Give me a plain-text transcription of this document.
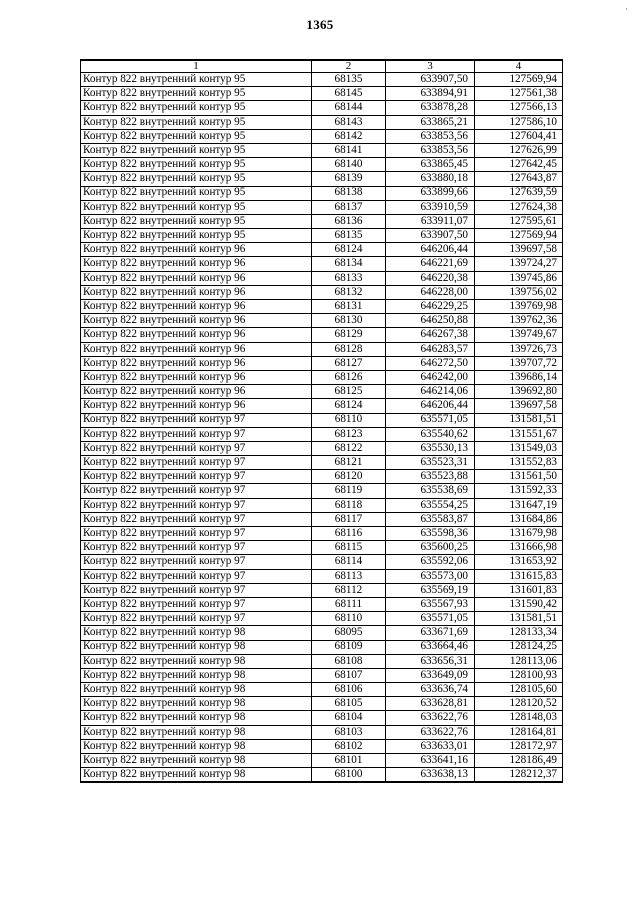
1365
·
1	2	3	4
Контур 822 внутренний контур 95	68135	633907,50	127569,94
Контур 822 внутренний контур 95	68145	633894,91	127561,38
Контур 822 внутренний контур 95	68144	633878,28	127566,13
Контур 822 внутренний контур 95	68143	633865,21	127586,10
Контур 822 внутренний контур 95	68142	633853,56	127604,41
Контур 822 внутренний контур 95	68141	633853,56	127626,99
Контур 822 внутренний контур 95	68140	633865,45	127642,45
Контур 822 внутренний контур 95	68139	633880,18	127643,87
Контур 822 внутренний контур 95	68138	633899,66	127639,59
Контур 822 внутренний контур 95	68137	633910,59	127624,38
Контур 822 внутренний контур 95	68136	633911,07	127595,61
Контур 822 внутренний контур 95	68135	633907,50	127569,94
Контур 822 внутренний контур 96	68124	646206,44	139697,58
Контур 822 внутренний контур 96	68134	646221,69	139724,27
Контур 822 внутренний контур 96	68133	646220,38	139745,86
Контур 822 внутренний контур 96	68132	646228,00	139756,02
Контур 822 внутренний контур 96	68131	646229,25	139769,98
Контур 822 внутренний контур 96	68130	646250,88	139762,36
Контур 822 внутренний контур 96	68129	646267,38	139749,67
Контур 822 внутренний контур 96	68128	646283,57	139726,73
Контур 822 внутренний контур 96	68127	646272,50	139707,72
Контур 822 внутренний контур 96	68126	646242,00	139686,14
Контур 822 внутренний контур 96	68125	646214,06	139692,80
Контур 822 внутренний контур 96	68124	646206,44	139697,58
Контур 822 внутренний контур 97	68110	635571,05	131581,51
Контур 822 внутренний контур 97	68123	635540,62	131551,67
Контур 822 внутренний контур 97	68122	635530,13	131549,03
Контур 822 внутренний контур 97	68121	635523,31	131552,83
Контур 822 внутренний контур 97	68120	635523,88	131561,50
Контур 822 внутренний контур 97	68119	635538,69	131592,33
Контур 822 внутренний контур 97	68118	635554,25	131647,19
Контур 822 внутренний контур 97	68117	635583,87	131684,86
Контур 822 внутренний контур 97	68116	635598,36	131679,98
Контур 822 внутренний контур 97	68115	635600,25	131666,98
Контур 822 внутренний контур 97	68114	635592,06	131653,92
Контур 822 внутренний контур 97	68113	635573,00	131615,83
Контур 822 внутренний контур 97	68112	635569,19	131601,83
Контур 822 внутренний контур 97	68111	635567,93	131590,42
Контур 822 внутренний контур 97	68110	635571,05	131581,51
Контур 822 внутренний контур 98	68095	633671,69	128133,34
Контур 822 внутренний контур 98	68109	633664,46	128124,25
Контур 822 внутренний контур 98	68108	633656,31	128113,06
Контур 822 внутренний контур 98	68107	633649,09	128100,93
Контур 822 внутренний контур 98	68106	633636,74	128105,60
Контур 822 внутренний контур 98	68105	633628,81	128120,52
Контур 822 внутренний контур 98	68104	633622,76	128148,03
Контур 822 внутренний контур 98	68103	633622,76	128164,81
Контур 822 внутренний контур 98	68102	633633,01	128172,97
Контур 822 внутренний контур 98	68101	633641,16	128186,49
Контур 822 внутренний контур 98	68100	633638,13	128212,37
